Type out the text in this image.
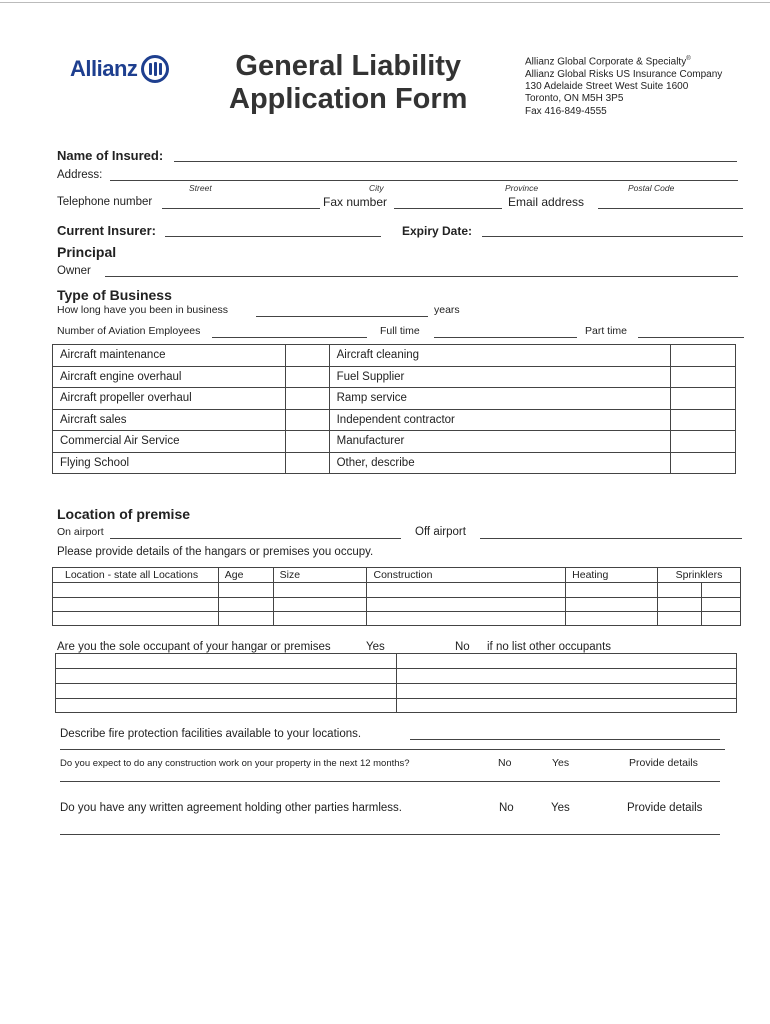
Allianz	General Liability
Application Form
Allianz Global Corporate & Specialty®
Allianz Global Risks US Insurance Company
130 Adelaide Street West Suite 1600
Toronto, ON M5H 3P5
Fax 416-849-4555
Name of Insured:
Address:
Street	City	Province	Postal Code
Telephone number	Fax number	Email address
Current Insurer:	Expiry Date:
Principal
Owner
Type of Business
How long have you been in business	years
Number of Aviation Employees	Full time	Part time
Aircraft maintenance		Aircraft cleaning	
Aircraft engine overhaul		Fuel Supplier	
Aircraft propeller overhaul		Ramp service	
Aircraft sales		Independent contractor	
Commercial Air Service		Manufacturer	
Flying School		Other, describe	
Location of premise
On airport	Off airport
Please provide details of the hangars or premises you occupy.
Location - state all Locations	Age	Size	Construction	Heating	Sprinklers	

Are you the sole occupant of your hangar or premises	Yes	No if no list other occupants

Describe fire protection facilities available to your locations.
Do you expect to do any construction work on your property in the next 12 months?	No	Yes	Provide details
Do you have any written agreement holding other parties harmless.	No	Yes	Provide details
